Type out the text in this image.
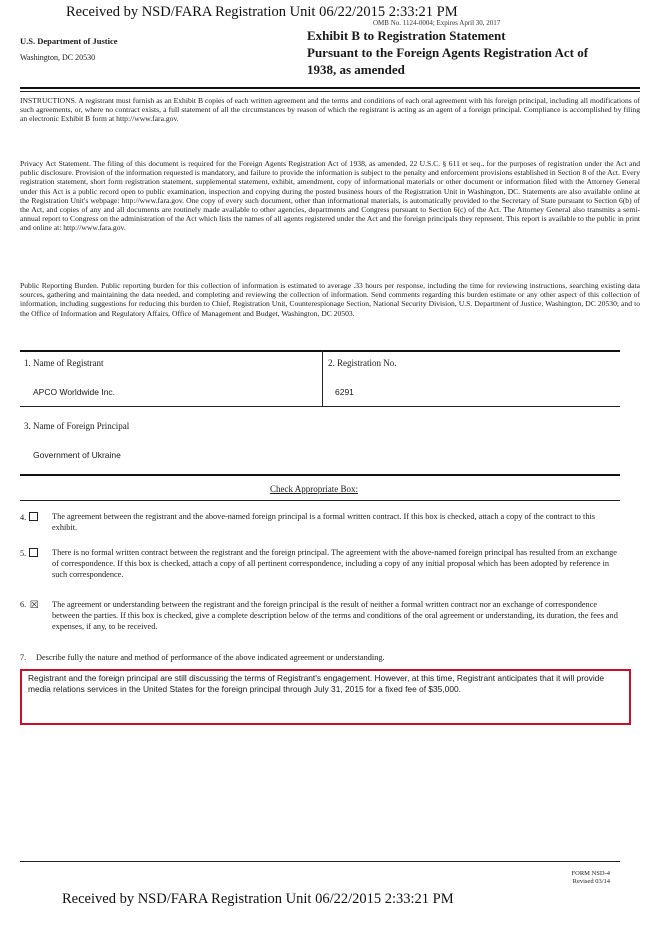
Received by NSD/FARA Registration Unit 06/22/2015 2:33:21 PM
U.S. Department of Justice
Washington, DC 20530
OMB No. 1124-0004; Expires April 30, 2017
Exhibit B to Registration Statement
Pursuant to the Foreign Agents Registration Act of
1938, as amended
INSTRUCTIONS. A registrant must furnish as an Exhibit B copies of each written agreement and the terms and conditions of each oral agreement with his foreign principal, including all modifications of such agreements, or, where no contract exists, a full statement of all the circumstances by reason of which the registrant is acting as an agent of a foreign principal. Compliance is accomplished by filing an electronic Exhibit B form at http://www.fara.gov.
Privacy Act Statement. The filing of this document is required for the Foreign Agents Registration Act of 1938, as amended, 22 U.S.C. § 611 et seq., for the purposes of registration under the Act and public disclosure. Provision of the information requested is mandatory, and failure to provide the information is subject to the penalty and enforcement provisions established in Section 8 of the Act. Every registration statement, short form registration statement, supplemental statement, exhibit, amendment, copy of informational materials or other document or information filed with the Attorney General under this Act is a public record open to public examination, inspection and copying during the posted business hours of the Registration Unit in Washington, DC. Statements are also available online at the Registration Unit's webpage: http://www.fara.gov. One copy of every such document, other than informational materials, is automatically provided to the Secretary of State pursuant to Section 6(b) of the Act, and copies of any and all documents are routinely made available to other agencies, departments and Congress pursuant to Section 6(c) of the Act. The Attorney General also transmits a semi-annual report to Congress on the administration of the Act which lists the names of all agents registered under the Act and the foreign principals they represent. This report is available to the public in print and online at: http://www.fara.gov.
Public Reporting Burden. Public reporting burden for this collection of information is estimated to average .33 hours per response, including the time for reviewing instructions, searching existing data sources, gathering and maintaining the data needed, and completing and reviewing the collection of information. Send comments regarding this burden estimate or any other aspect of this collection of information, including suggestions for reducing this burden to Chief, Registration Unit, Counterespionage Section, National Security Division, U.S. Department of Justice, Washington, DC 20530; and to the Office of Information and Regulatory Affairs, Office of Management and Budget, Washington, DC 20503.
1. Name of Registrant
APCO Worldwide Inc.
2. Registration No.
6291
3. Name of Foreign Principal
Government of Ukraine
Check Appropriate Box:
4.	The agreement between the registrant and the above-named foreign principal is a formal written contract. If this box is checked, attach a copy of the contract to this exhibit.
5.	There is no formal written contract between the registrant and the foreign principal. The agreement with the above-named foreign principal has resulted from an exchange of correspondence. If this box is checked, attach a copy of all pertinent correspondence, including a copy of any initial proposal which has been adopted by reference in such correspondence.
6. ☒ The agreement or understanding between the registrant and the foreign principal is the result of neither a formal written contract nor an exchange of correspondence between the parties. If this box is checked, give a complete description below of the terms and conditions of the oral agreement or understanding, its duration, the fees and expenses, if any, to be received.
7. Describe fully the nature and method of performance of the above indicated agreement or understanding.
Registrant and the foreign principal are still discussing the terms of Registrant's engagement. However, at this time, Registrant anticipates that it will provide media relations services in the United States for the foreign principal through July 31, 2015 for a fixed fee of $35,000.
FORM NSD-4
Revised 03/14
Received by NSD/FARA Registration Unit 06/22/2015 2:33:21 PM
